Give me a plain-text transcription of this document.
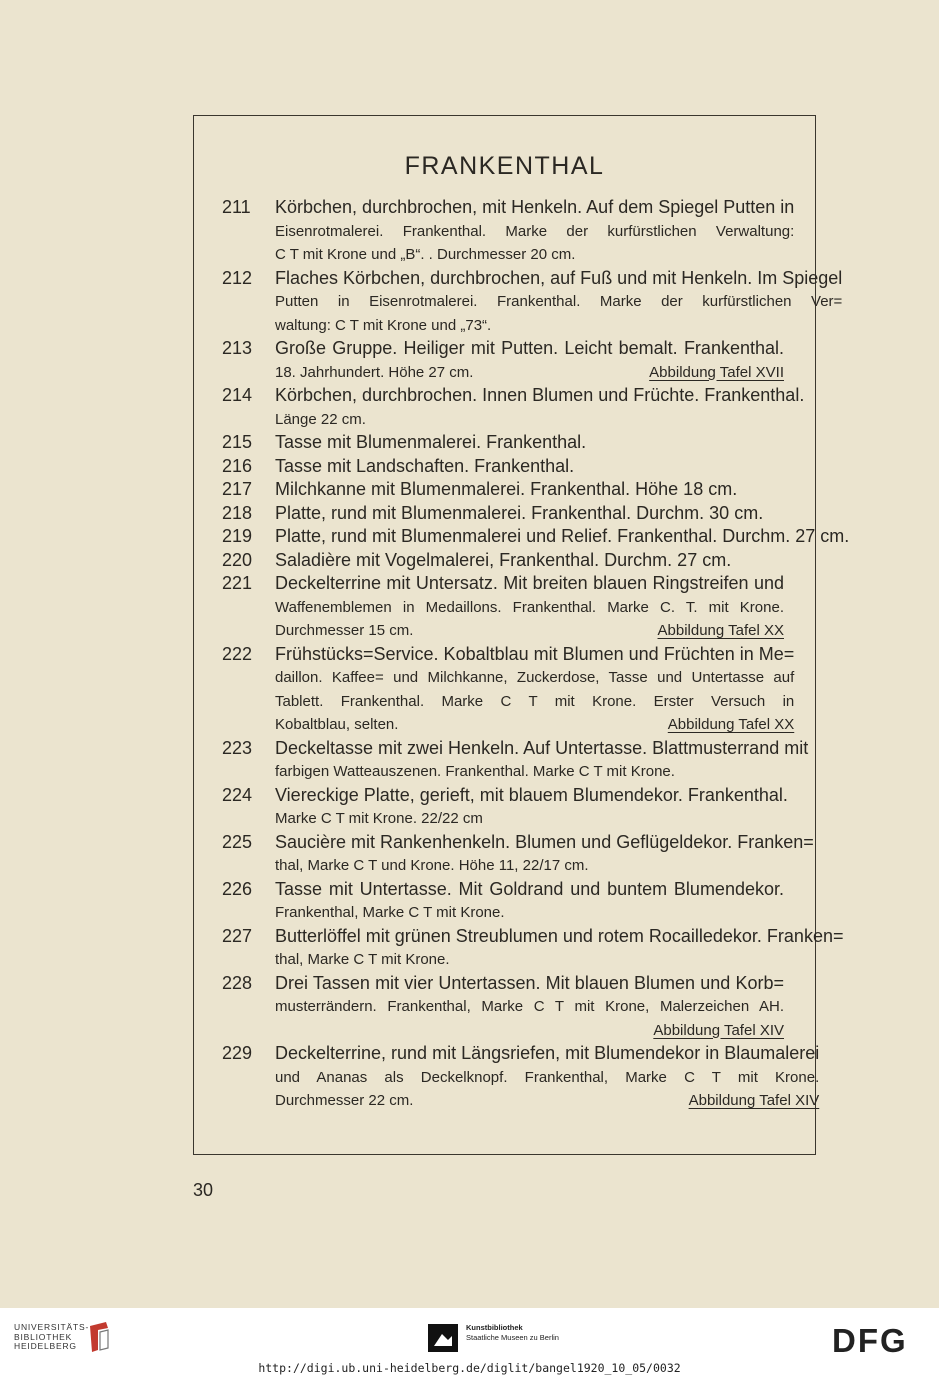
FRANKENTHAL
211	Körbchen, durchbrochen, mit Henkeln. Auf dem Spiegel Putten in
Eisenrotmalerei. Frankenthal. Marke der kurfürstlichen Verwaltung:
C T mit Krone und „B“. . Durchmesser 20 cm.
212	Flaches Körbchen, durchbrochen, auf Fuß und mit Henkeln. Im Spiegel
Putten in Eisenrotmalerei. Frankenthal. Marke der kurfürstlichen Ver=
waltung: C T mit Krone und „73“.
213	Große Gruppe. Heiliger mit Putten. Leicht bemalt. Frankenthal.
18. Jahrhundert. Höhe 27 cm.	Abbildung Tafel XVII
214	Körbchen, durchbrochen. Innen Blumen und Früchte. Frankenthal.
Länge 22 cm.
215	Tasse mit Blumenmalerei. Frankenthal.
216	Tasse mit Landschaften. Frankenthal.
217	Milchkanne mit Blumenmalerei. Frankenthal. Höhe 18 cm.
218	Platte, rund mit Blumenmalerei. Frankenthal. Durchm. 30 cm.
219	Platte, rund mit Blumenmalerei und Relief. Frankenthal. Durchm. 27 cm.
220	Saladière mit Vogelmalerei, Frankenthal. Durchm. 27 cm.
221	Deckelterrine mit Untersatz. Mit breiten blauen Ringstreifen und
Waffenemblemen in Medaillons. Frankenthal. Marke C. T. mit Krone.
Durchmesser 15 cm.	Abbildung Tafel XX
222	Frühstücks=Service. Kobaltblau mit Blumen und Früchten in Me=
daillon. Kaffee= und Milchkanne, Zuckerdose, Tasse und Untertasse auf
Tablett. Frankenthal. Marke C T mit Krone. Erster Versuch in
Kobaltblau, selten.	Abbildung Tafel XX
223	Deckeltasse mit zwei Henkeln. Auf Untertasse. Blattmusterrand mit
farbigen Watteauszenen. Frankenthal. Marke C T mit Krone.
224	Viereckige Platte, gerieft, mit blauem Blumendekor. Frankenthal.
Marke C T mit Krone. 22/22 cm
225	Saucière mit Rankenhenkeln. Blumen und Geflügeldekor. Franken=
thal, Marke C T und Krone. Höhe 11, 22/17 cm.
226	Tasse mit Untertasse. Mit Goldrand und buntem Blumendekor.
Frankenthal, Marke C T mit Krone.
227	Butterlöffel mit grünen Streublumen und rotem Rocailledekor. Franken=
thal, Marke C T mit Krone.
228	Drei Tassen mit vier Untertassen. Mit blauen Blumen und Korb=
musterrändern. Frankenthal, Marke C T mit Krone, Malerzeichen AH.
Abbildung Tafel XIV
229	Deckelterrine, rund mit Längsriefen, mit Blumendekor in Blaumalerei
und Ananas als Deckelknopf. Frankenthal, Marke C T mit Krone.
Durchmesser 22 cm.	Abbildung Tafel XIV
30
UNIVERSITÄTS-
BIBLIOTHEK
HEIDELBERG
Kunstbibliothek
Staatliche Museen zu Berlin	DFG
http://digi.ub.uni-heidelberg.de/diglit/bangel1920_10_05/0032
